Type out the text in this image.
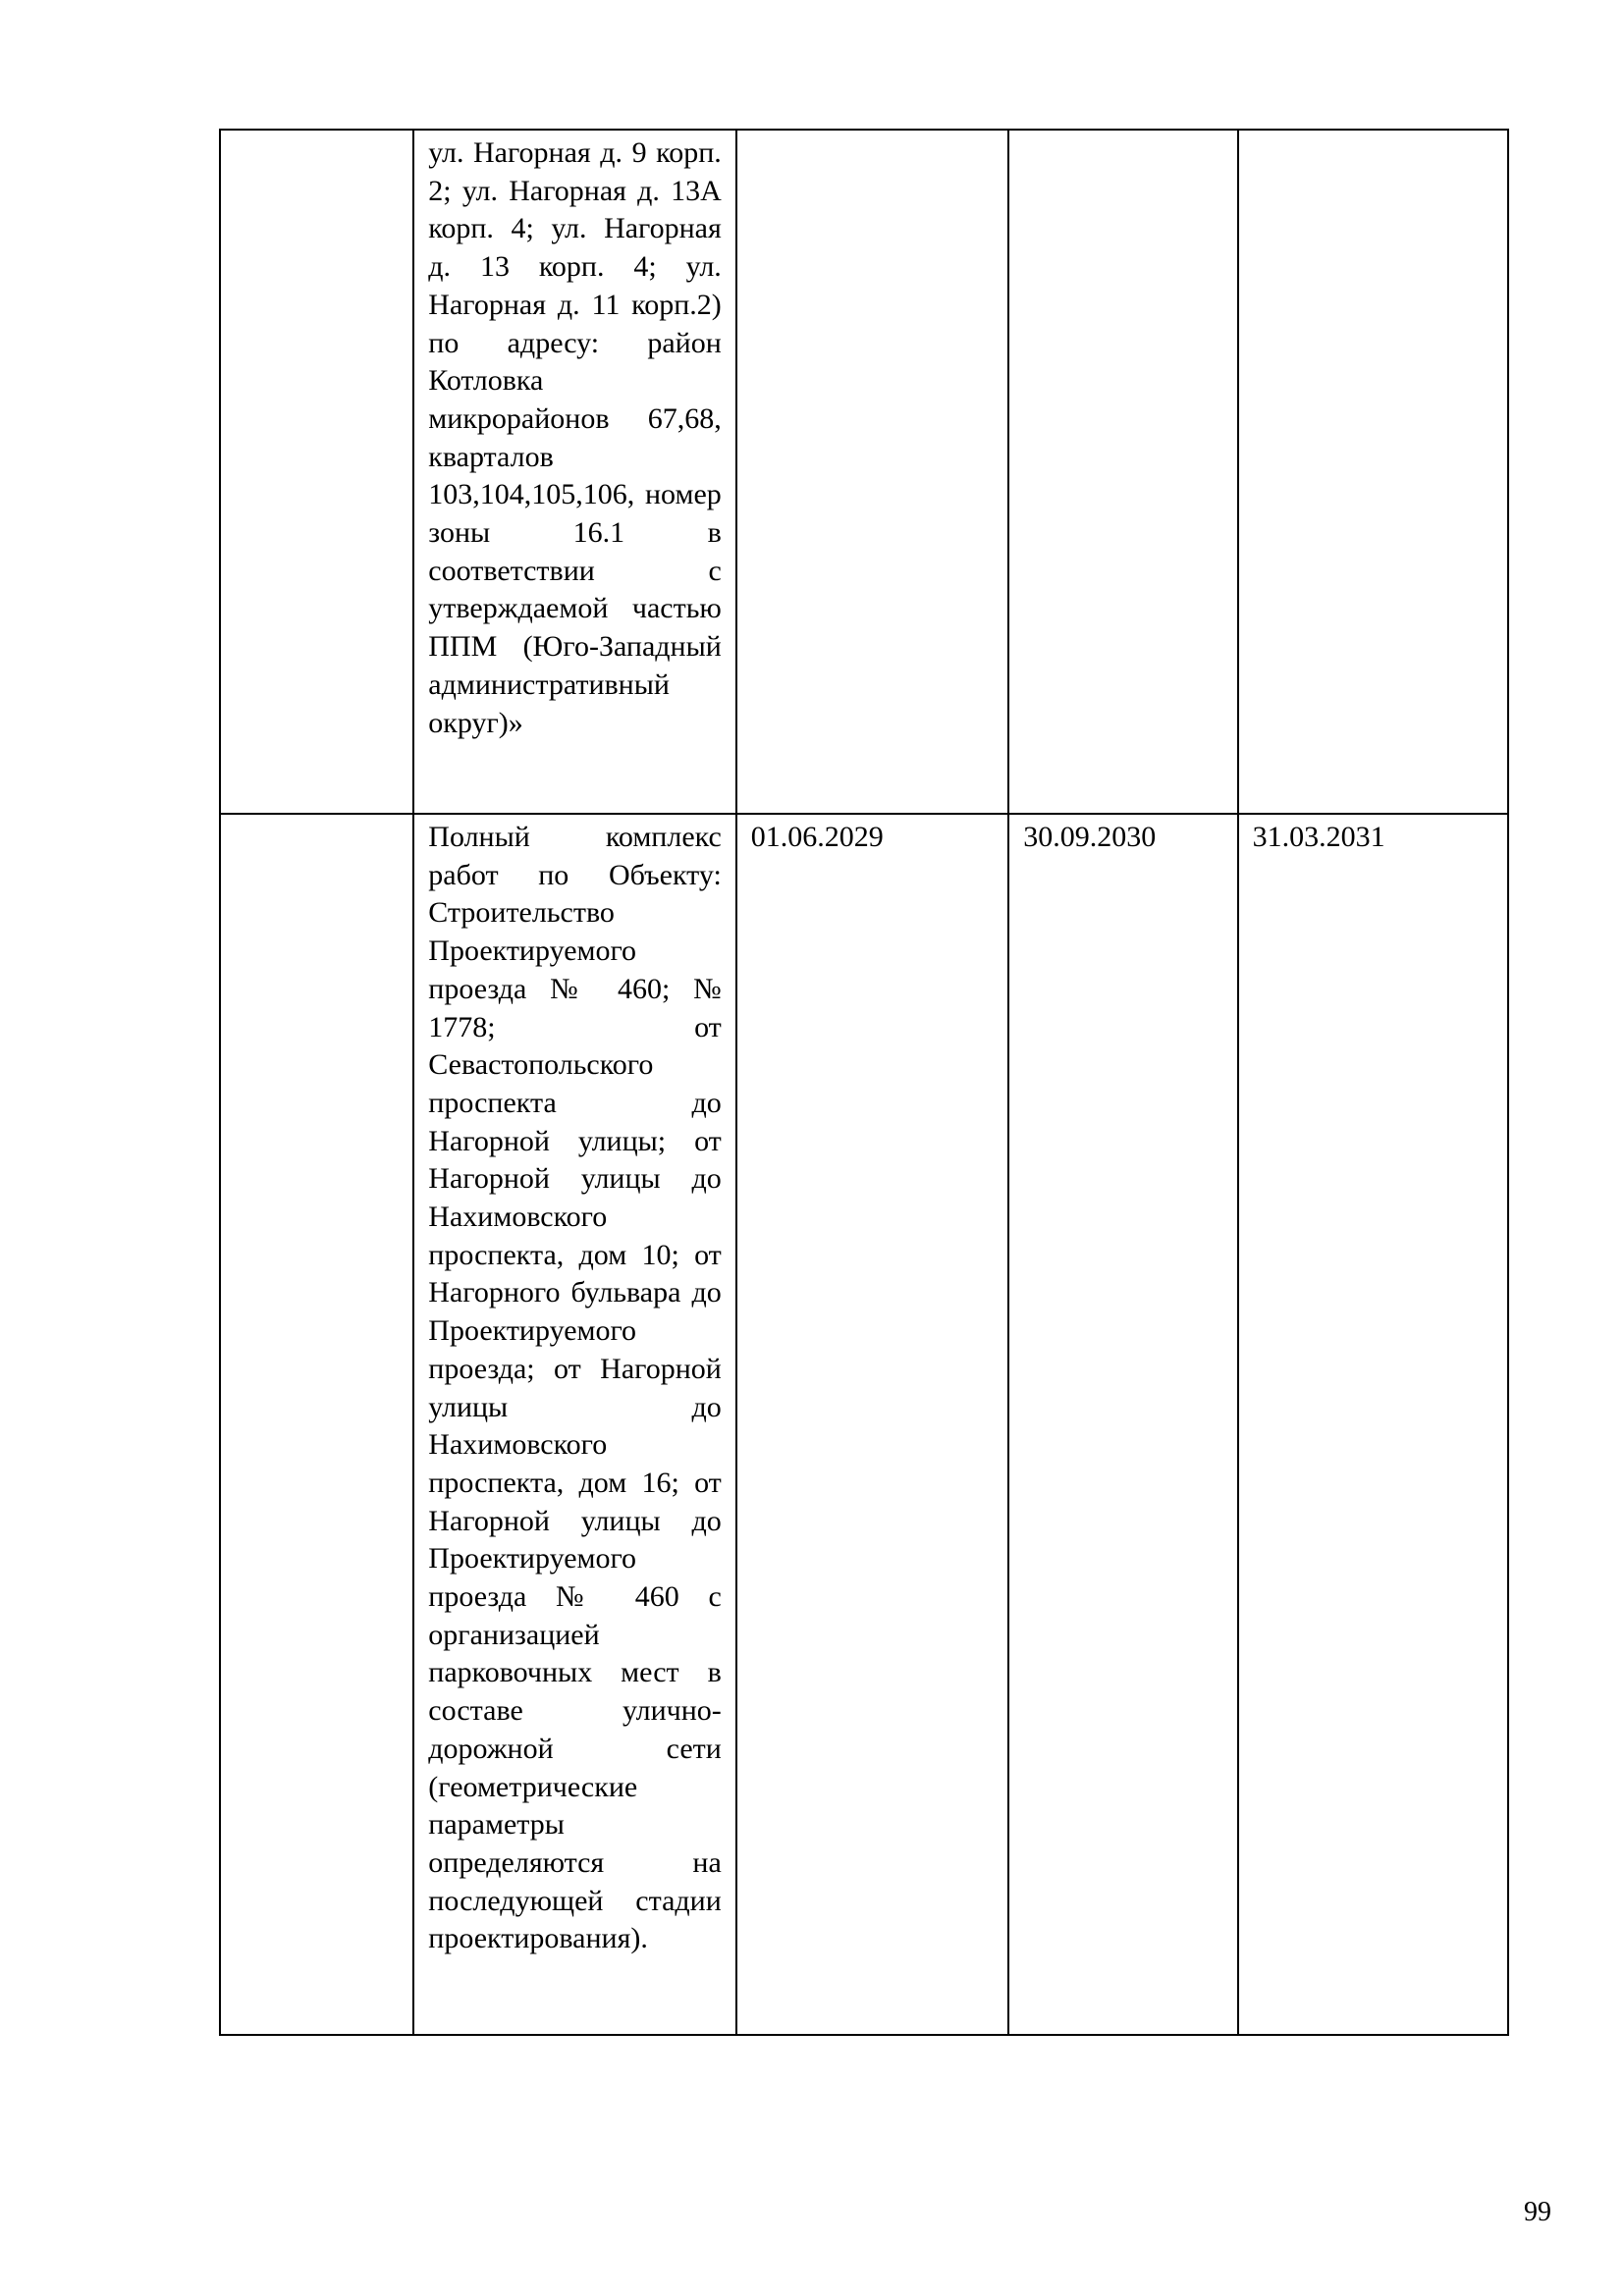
	ул. Нагорная д. 9 корп. 2; ул. Нагорная д. 13А корп. 4; ул. Нагорная д. 13 корп. 4; ул. Нагорная д. 11 корп.2) по адресу: район Котловка микрорайонов 67,68, кварталов 103,104,105,106, номер зоны 16.1 в соответствии с утверждаемой частью ППМ (Юго-Западный административный округ)»			
	Полный комплекс работ по Объекту: Строительство Проектируемого проезда № 460; № 1778; от Севастопольского проспекта до Нагорной улицы; от Нагорной улицы до Нахимовского проспекта, дом 10; от Нагорного бульвара до Проектируемого проезда; от Нагорной улицы до Нахимовского проспекта, дом 16; от Нагорной улицы до Проектируемого проезда № 460 с организацией парковочных мест в составе улично-дорожной сети (геометрические параметры определяются на последующей стадии проектирования).	01.06.2029	30.09.2030	31.03.2031
99
